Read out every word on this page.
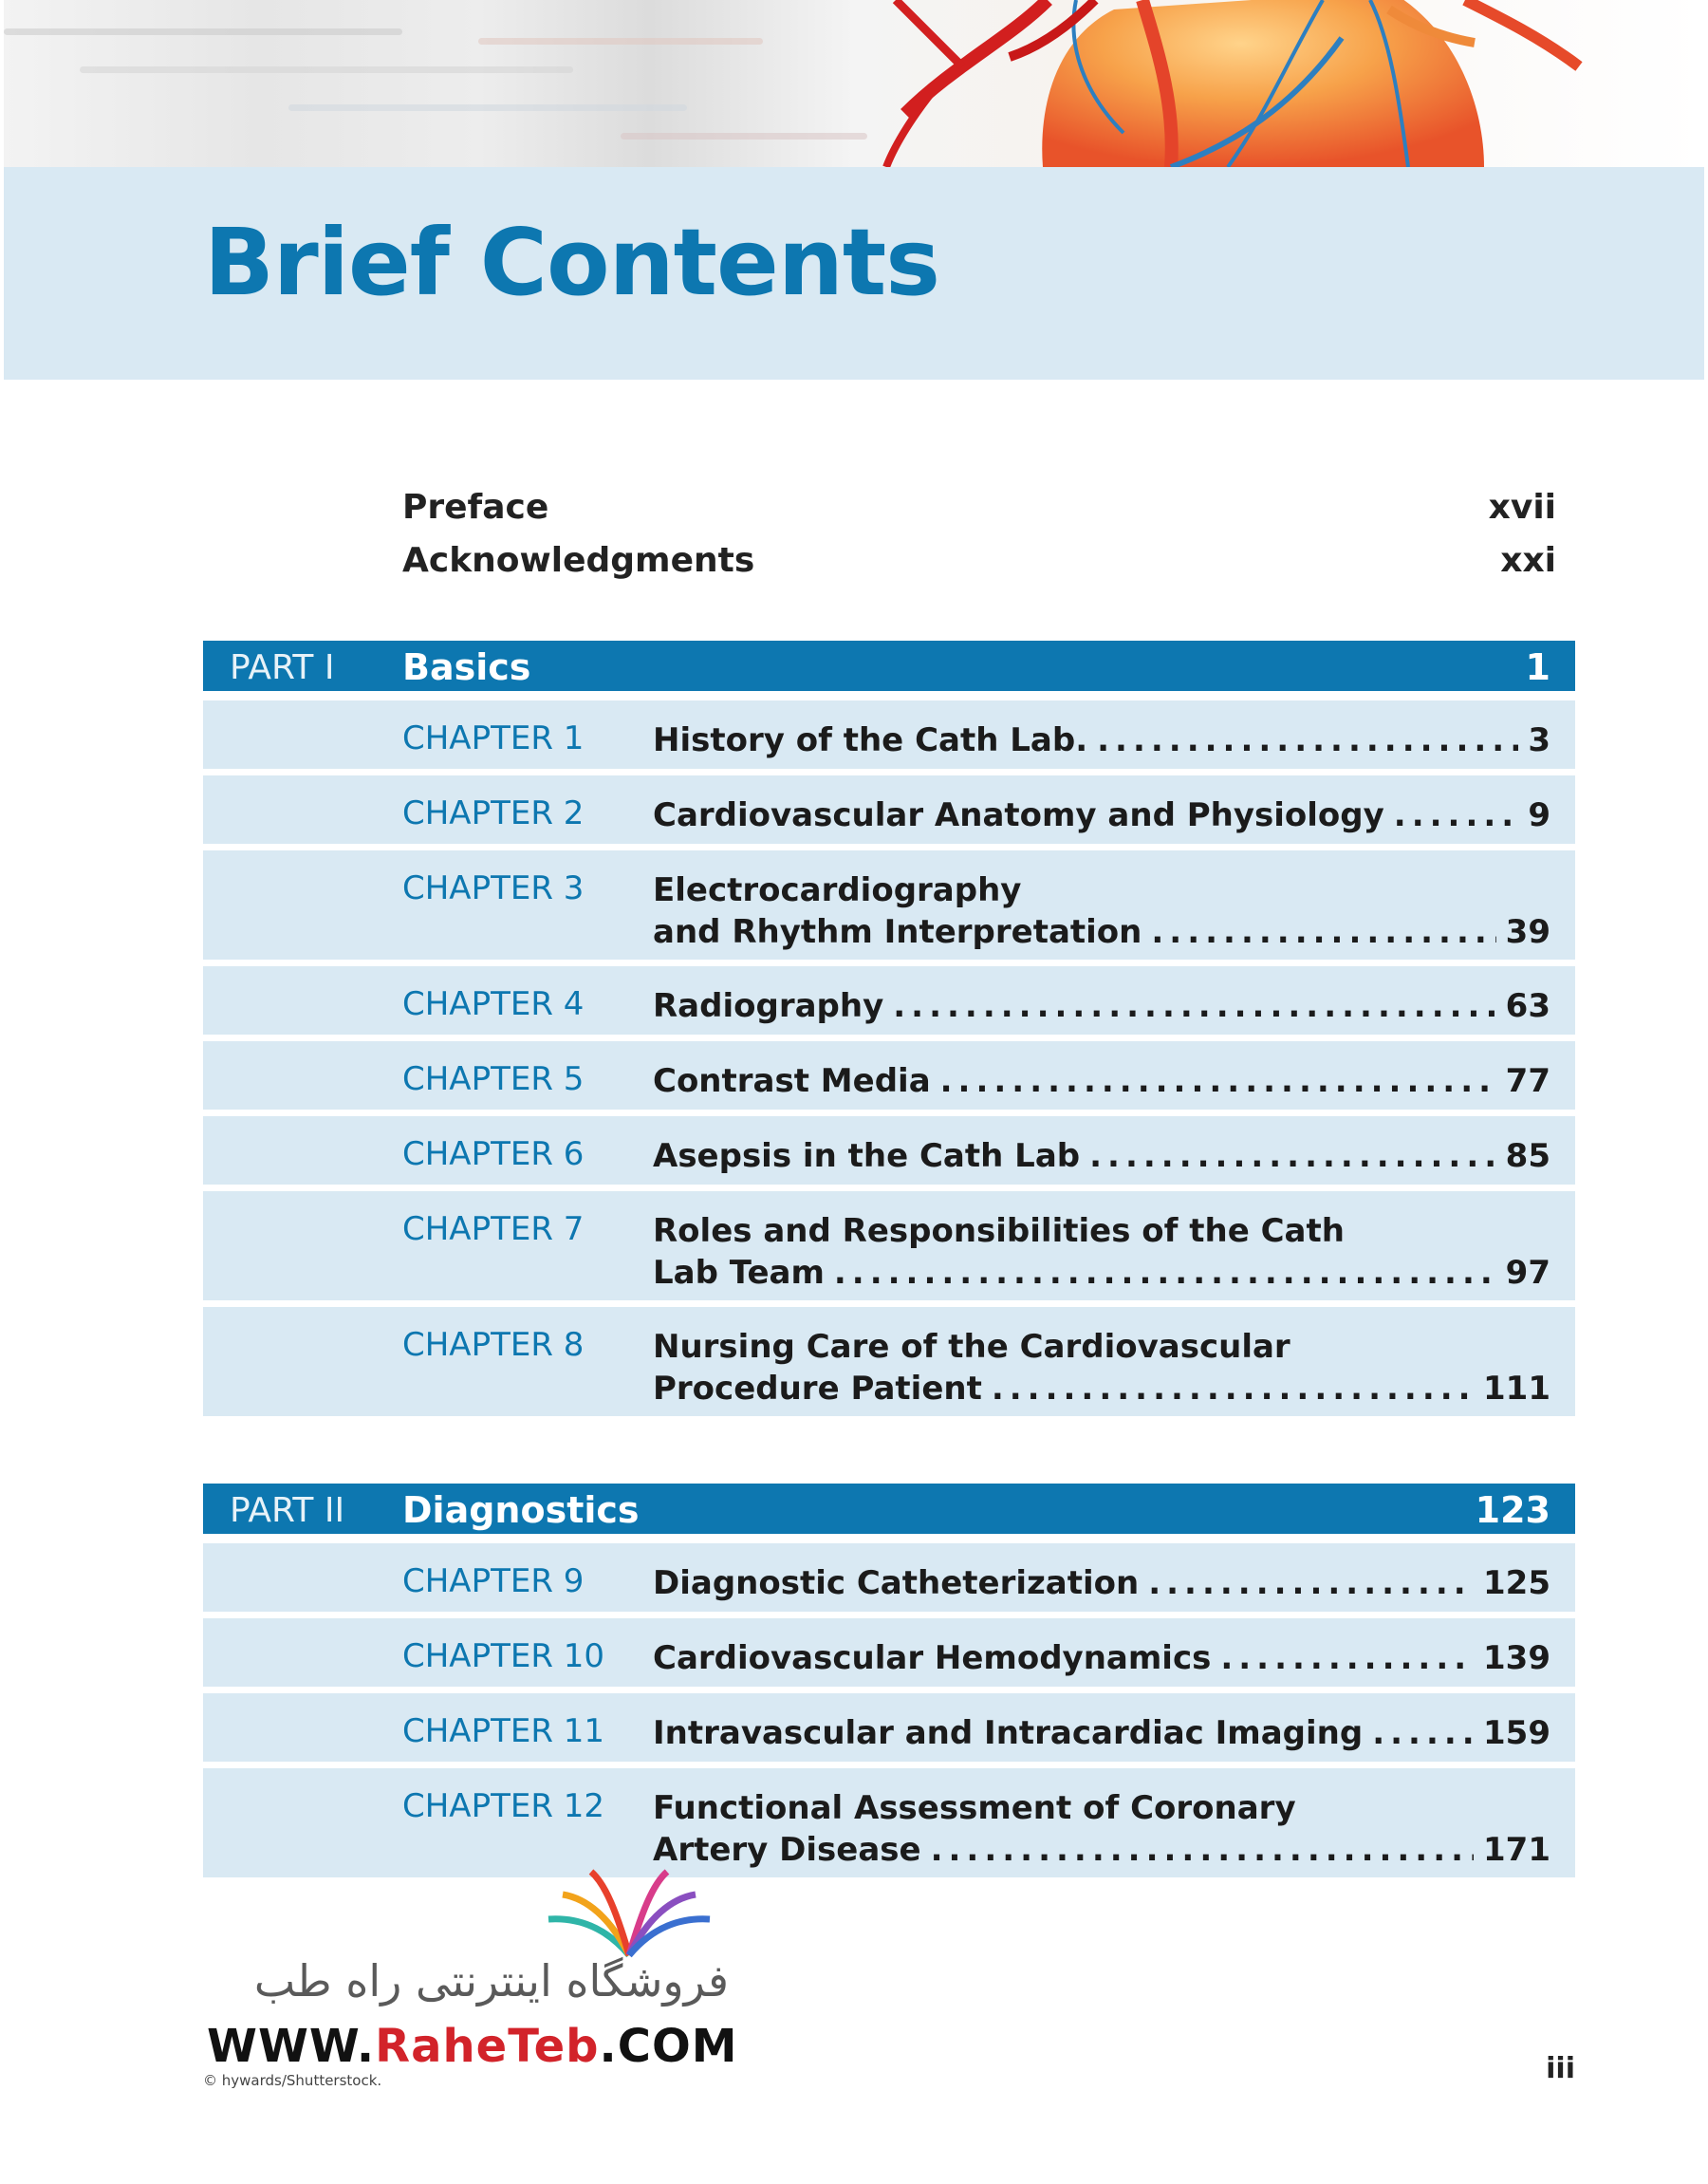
Brief Contents
Preface	xvii
Acknowledgments	xxi
PART I Basics	1
CHAPTER 1 History of the Cath Lab. .....	3
CHAPTER 2 Cardiovascular Anatomy and Physiology .....	9
CHAPTER 3 Electrocardiography
and Rhythm Interpretation .....	39
CHAPTER 4 Radiography .....	63
CHAPTER 5 Contrast Media .....	77
CHAPTER 6 Asepsis in the Cath Lab .....	85
CHAPTER 7 Roles and Responsibilities of the Cath
Lab Team .....	97
CHAPTER 8 Nursing Care of the Cardiovascular
Procedure Patient .....	111
PART II Diagnostics	123
CHAPTER 9 Diagnostic Catheterization .....	125
CHAPTER 10 Cardiovascular Hemodynamics .....	139
CHAPTER 11 Intravascular and Intracardiac Imaging .....	159
CHAPTER 12 Functional Assessment of Coronary
Artery Disease .....	171
فروشگاه اینترنتی راه طب
WWW.RaheTeb.COM
© hywards/Shutterstock.	iii
